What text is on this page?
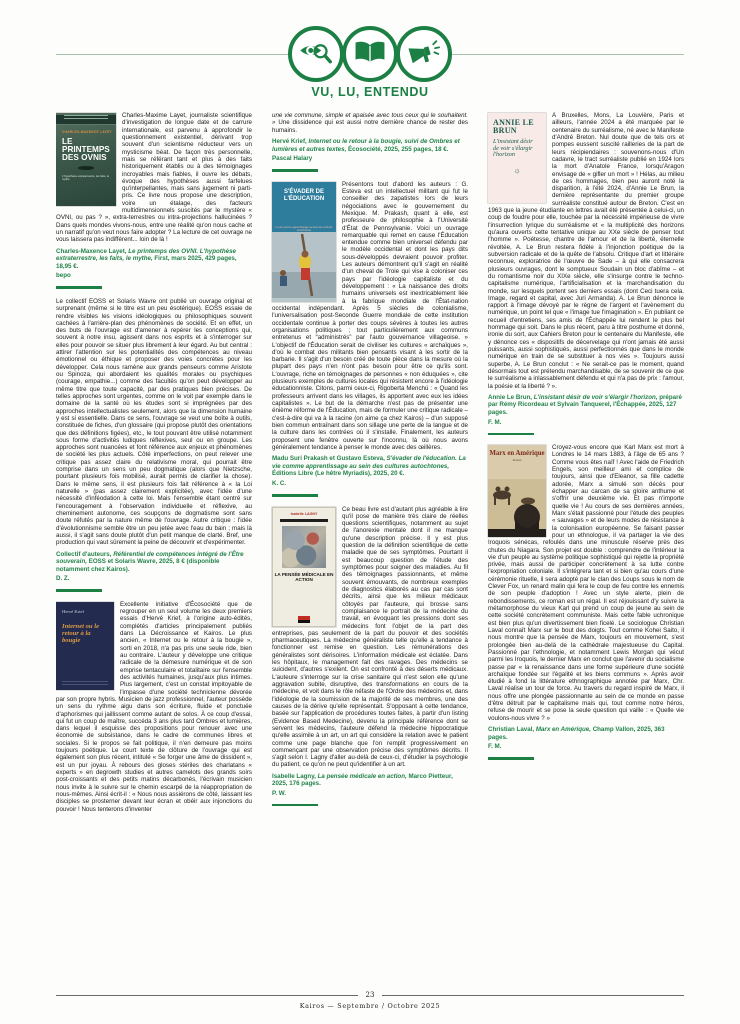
VU, LU, ENTENDU
CHARLES-MAXENCE LAYET
LE PRINTEMPS DES OVNIS
L'hypothèse extraterrestre, les faits, le mythe

Charles-Maxime Layet, journaliste scientifique d'investigation de longue date et de carrure internationale, est parvenu à approfondir le questionnement existentiel, dérivant trop souvent d'un scientisme réducteur vers un mysticisme béat. De façon très personnelle, mais se référant tant et plus à des faits historiquement établis ou à des témoignages incroyables mais fiables, il ouvre les débats, évoque des hypothèses aussi farfelues qu'interpellantes, mais sans jugement ni parti-pris. Ce livre nous propose une description, voire un étalage, des facteurs multidimensionnels suscités par le mystère « OVNI, ou pas ? », extra-terrestres ou intra-projections hallucinées ? Dans quels mondes vivons-nous, entre une réalité qu'on nous cache et un narratif qu'on veut nous faire adopter ? La lecture de cet ouvrage ne vous laissera pas indifférent... loin de là !

Charles-Maxence Layet, Le printemps des OVNI. L'hypothèse extraterrestre, les faits, le mythe, First, mars 2025, 429 pages, 18,95 €.

bepo

Le collectif EOSS et Solaris Wavre ont publié un ouvrage original et surprenant (même si le titre est un peu ésotérique). EOSS essaie de rendre visibles les visions idéologiques ou philosophiques souvent cachées à l'arrière-plan des phénomènes de société. Et en effet, un des buts de l'ouvrage est d'amener à repérer les conceptions qui, souvent à notre insu, agissent dans nos esprits et à s'interroger sur elles pour pouvoir se situer plus librement à leur égard. Au but central : attirer l'attention sur les potentialités des compétences au niveau émotionnel ou éthique et proposer des voies concrètes pour les développer. Cela nous ramène aux grands penseurs comme Aristote ou Spinoza, qui abordaient les qualités morales ou psychiques (courage, empathie...) comme des facultés qu'on peut développer au même titre que toute capacité, par des pratiques bien précises. De telles approches sont urgentes, comme on le voit par exemple dans le domaine de la santé où les études sont si imprégnées par des approches intellectualistes seulement, alors que la dimension humaine y est si essentielle. Dans ce sens, l'ouvrage se veut une boîte à outils, constituée de fiches, d'un glossaire (qui propose plutôt des orientations que des définitions figées), etc., le tout pouvant être utilisé notamment sous forme d'activités ludiques réflexives, seul ou en groupe. Les approches sont nuancées et font référence aux enjeux et phénomènes de société les plus actuels. Côté imperfections, on peut relever une critique pas assez claire du relativisme moral, qui pourrait être comprise dans un sens un peu dogmatique (alors que Nietzsche, pourtant plusieurs fois mobilisé, aurait permis de clarifier la chose). Dans le même sens, il est plusieurs fois fait référence à « la Loi naturelle » (pas assez clairement explicitée), avec l'idée d'une nécessité d'inféodation à cette loi. Mais l'ensemble étant centré sur l'encouragement à l'observation individuelle et réflexive, au cheminement autonome, ces soupçons de dogmatisme sont sans doute réfutés par la nature même de l'ouvrage. Autre critique : l'idée d'évolutionnisme semble être un peu jetée avec l'eau du bain ; mais là aussi, il s'agit sans doute plutôt d'un petit manque de clarté. Bref, une production qui vaut sûrement la peine de découvrir et d'expérimenter.

Collectif d'auteurs, Référentiel de compétences intégré de l'Être souverain, EOSS et Solaris Wavre, 2025, 8 € (disponible notamment chez Kairos).

D. Z.

Hervé Krief
Internet ou le retour à la bougie

Excellente initiative d'Écosociété que de regrouper en un seul volume les deux premiers essais d'Hervé Krief, à l'origine auto-édités, complétés d'articles principalement publiés dans La Décroissance et Kairos. Le plus ancien, « Internet ou le retour à la bougie », sorti en 2018, n'a pas pris une seule ride, bien au contraire. L'auteur y développe une critique radicale de la démesure numérique et de son emprise tentaculaire et totalitaire sur l'ensemble des activités humaines, jusqu'aux plus intimes. Plus largement, c'est un constat impitoyable de l'impasse d'une société technicienne dévorée par son propre hybris. Musicien de jazz professionnel, l'auteur possède un sens du rythme aigu dans son écriture, fluide et ponctuée d'aphorismes qui jaillissent comme autant de solos. À ce coup d'essai, qui fut un coup de maître, succéda 3 ans plus tard Ombres et lumières, dans lequel il esquisse des propositions pour renouer avec une économie de subsistance, dans le cadre de communes libres et sociales. Si le propos se fait politique, il n'en demeure pas moins toujours poétique. Le court texte de clôture de l'ouvrage qui est également son plus récent, intitulé « Se forger une âme de dissident », est un pur joyau. À rebours des gloses stériles des charlatans « experts » en degrowth studies et autres camelots des grands soirs post-croissants et des petits matins décarbonés, l'écrivain musicien nous invite à le suivre sur le chemin escarpé de la réappropriation de nous-mêmes. Ainsi écrit-il : « Nous nous assiérons de côté, laissant les disciples se prosterner devant leur écran et obéir aux injonctions du pouvoir ! Nous tenterons d'inventer

une vie commune, simple et apaisée avec tous ceux qui le souhaitent. » Une dissidence qui est aussi notre dernière chance de rester des humains.

Hervé Krief, Internet ou le retour à la bougie, suivi de Ombres et lumières et autres textes, Écosociété, 2025, 255 pages, 18 €.

Pascal Halary

S'ÉVADER DE L'ÉDUCATION
La vie comme apprentissage au sein des cultures autochtones

Présentons tout d'abord les auteurs : G. Esteva est un intellectuel militant qui fut le conseiller des zapatistes lors de leurs négociations avec le gouvernement du Mexique. M. Prakash, quant à elle, est professeure de philosophie à l'Université d'État de Pennsylvanie. Voici un ouvrage remarquable qui remet en cause l'Éducation entendue comme bien universel défendu par le modèle occidental et dont les pays dits sous-développés devraient pouvoir profiter. Les auteurs démontrent qu'il s'agit en réalité d'un cheval de Troie qui vise à coloniser ces pays par l'idéologie capitaliste et du développement : « La naissance des droits humains universels est inextricablement liée à la fabrique mondiale de l'État-nation occidental indépendant. Après 5 siècles de colonialisme, l'universalisation post-Seconde Guerre mondiale de cette institution occidentale continue à porter des coups sévères à toutes les autres organisations politiques ; tout particulièrement aux communs entretenus et “administrés” par l'auto gouvernance villageoise. » L'objectif de l'Éducation serait de civiliser les cultures « archaïques », d'où le combat des militants bien pensants visant à les sortir de la barbarie. Il s'agit d'un besoin créé de toute pièce dans la mesure où la plupart des pays n'en n'ont pas besoin pour être ce qu'ils sont. L'ouvrage, riche en témoignages de personnes « non éduquées », cite plusieurs exemples de cultures locales qui résistent encore à l'idéologie éducationniste. Citons, parmi ceux-ci, Rigoberta Menchú : « Quand les professeurs arrivent dans les villages, ils apportent avec eux les idées capitalistes ». Le but de la démarche n'est pas de présenter une énième réforme de l'Éducation, mais de formuler une critique radicale – c'est-à-dire qui va à la racine (on aime ça chez Kairos) – d'un supposé bien commun entraînant dans son sillage une perte de la langue et de la culture dans les contrées où il s'installe. Finalement, les auteurs proposent une fenêtre ouverte sur l'inconnu, là où nous avons généralement tendance à penser le monde avec des œillères.

Madu Suri Prakash et Gustavo Esteva, S'évader de l'éducation. La vie comme apprentissage au sein des cultures autochtones, Éditions Libre (Le hêtre Myriadis), 2025, 20 €.

K. C.

Isabelle LAGNY
LA PENSÉE MÉDICALE EN ACTION

Ce beau livre est d'autant plus agréable à lire qu'il pose de manière très claire de réelles questions scientifiques, notamment au sujet de l'anorexie mentale dont il ne manque qu'une description précise. Il y est plus question de la définition scientifique de cette maladie que de ses symptômes. Pourtant il est beaucoup question de l'étude des symptômes pour soigner des maladies. Au fil des témoignages passionnants, et même souvent émouvants, de nombreux exemples de diagnostics élaborés au cas par cas sont décrits, ainsi que les milieux médicaux côtoyés par l'auteure, qui brosse sans complaisance le portrait de la médecine du travail, en évoquant les pressions dont ses médecins font l'objet de la part des entreprises, pas seulement de la part du pouvoir et des sociétés pharmaceutiques. La médecine généraliste telle qu'elle a tendance à fonctionner est remise en question. Les rémunérations des généralistes sont dérisoires. L'information médicale est éclatée. Dans les hôpitaux, le management fait des ravages. Des médecins se suicident, d'autres s'exilent. On est confronté à des déserts médicaux. L'auteure s'interroge sur la crise sanitaire qui n'est selon elle qu'une aggravation subite, disruptive, des transformations en cours de la médecine, et voit dans le rôle néfaste de l'Ordre des médecins et, dans l'idéologie de la soumission de la majorité de ses membres, une des causes de la dérive qu'elle représentait. S'opposant à cette tendance, basée sur l'application de procédures toutes faites, à partir d'un listing (Evidence Based Medecine), devenu la principale référence dont se servent les médecins, l'auteure défend la médecine hippocratique qu'elle assimile à un art, un art qui considère la relation avec le patient comme une page blanche que l'on remplit progressivement en commençant par une observation précise des symptômes décrits. Il s'agit selon I. Lagny d'aller au-delà de ceux-ci, d'étudier la psychologie du patient, ce qu'on ne peut qu'identifier à un art.

Isabelle Lagny, La pensée médicale en action, Marco Pietteur, 2025, 176 pages.

P. W.

ANNIE LE BRUN
L'insistant désir de voir s'élargir l'horizon
☼

À Bruxelles, Mons, La Louvière, Paris et ailleurs, l'année 2024 a été marquée par le centenaire du surréalisme, né avec le Manifeste d'André Breton. Nul doute que de tels ors et pompes eussent suscité railleries de la part de leurs récipiendaires : souvenons-nous d'Un cadavre, le tract surréaliste publié en 1924 lors la mort d'Anatole France, lorsqu'Aragon envisage de « gifler un mort » ! Hélas, au milieu de ces hommages, bien peu auront noté la disparition, à l'été 2024, d'Annie Le Brun, la dernière représentante du premier groupe surréaliste constitué autour de Breton. C'est en 1963 que la jeune étudiante en lettres avait été présentée à celui-ci, un coup de foudre pour elle, touchée par la nécessité impérieuse de vivre l'insurrection lyrique du surréalisme et « la multiplicité des horizons qu'aura ouverts cette tentative unique au XXe siècle de penser tout l'homme ». Poétesse, chantre de l'amour et de la liberté, éternelle révoltée, A. Le Brun restera fidèle à l'injonction poétique de la subversion radicale et de la quête de l'absolu. Critique d'art et littéraire reconnue, exploratrice de l'œuvre de Sade – à qui elle consacrera plusieurs ouvrages, dont le somptueux Soudain un bloc d'abîme – et du romantisme noir du XIXe siècle, elle s'insurge contre le techno-capitalisme numérique, l'artificialisation et la marchandisation du monde, sur lesquels portent ses derniers essais (dont Ceci tuera cela. Image, regard et capital, avec Juri Armanda). A. Le Brun dénonce le rapport à l'image dévoyé par le règne de l'argent et l'avènement du numérique, un point tel que « l'image tue l'imagination ». En publiant ce recueil d'entretiens, ses amis de l'Échappée lui rendent le plus bel hommage qui soit. Dans le plus récent, paru à titre posthume et donné, ironie du sort, aux Cahiers Breton pour le centenaire du Manifeste, elle y dénonce ces « dispositifs de décervelage qui n'ont jamais été aussi puissants, aussi sophistiqués, aussi perfectionnés que dans le monde numérique en train de se substituer à nos vies ». Toujours aussi superbe, A. Le Brun conclut : « Ne serait-ce pas le moment, quand désormais tout est prétendu marchandisable, de se souvenir de ce que le surréalisme a inlassablement défendu et qui n'a pas de prix : l'amour, la poésie et la liberté ? ».

Annie Le Brun, L'insistant désir de voir s'élargir l'horizon, préparé par Rémy Ricordeau et Sylvain Tanquerel, l'Échappée, 2025, 127 pages.

F. M.

Marx en Amérique
Roman

Croyez-vous encore que Karl Marx est mort à Londres le 14 mars 1883, à l'âge de 65 ans ? Comme vous êtes naïf ! Avec l'aide de Friedrich Engels, son meilleur ami et complice de toujours, ainsi que d'Eleanor, sa fille cadette adorée, Marx a simulé son décès pour échapper au carcan de sa gloire anthume et s'offrir une deuxième vie. Et pas n'importe quelle vie ! Au cours de ses dernières années, Marx s'était passionné pour l'étude des peuples « sauvages » et de leurs modes de résistance à la colonisation européenne. Se faisant passer pour un ethnologue, il va partager la vie des Iroquois sénécas, refoulés dans une minuscule réserve près des chutes du Niagara. Son projet est double : comprendre de l'intérieur la vie d'un peuple au système politique sophistiqué qui rejette la propriété privée, mais aussi de participer concrètement à sa lutte contre l'expropriation coloniale. Il s'intégrera tant et si bien qu'au cours d'une cérémonie rituelle, il sera adopté par le clan des Loups sous le nom de Clever Fox, un renard malin qui fera le coup de feu contre les ennemis de son peuple d'adoption ! Avec un style alerte, plein de rebondissements, ce roman est un régal. Il est réjouissant d'y suivre la métamorphose du vieux Karl qui prend un coup de jeune au sein de cette société concrètement communiste. Mais cette fable uchronique est bien plus qu'un divertissement bien ficelé. Le sociologue Christian Laval connaît Marx sur le bout des doigts. Tout comme Kohei Saito, il nous montre que la pensée de Marx, toujours en mouvement, s'est prolongée bien au-delà de la cathédrale majestueuse du Capital. Passionné par l'ethnologie, et notamment Lewis Morgan qui vécut parmi les Iroquois, le dernier Marx en conclut que l'avenir du socialisme passe par « la renaissance dans une forme supérieure d'une société archaïque fondée sur l'égalité et les biens communs ». Après avoir étudié à fond la littérature ethnographique annotée par Marx, Chr. Laval réalise un tour de force. Au travers du regard inspiré de Marx, il nous offre une plongée passionnante au sein de ce monde en passe d'être détruit par le capitalisme mais qui, tout comme notre héros, refuse de mourir et se pose la seule question qui vaille : « Quelle vie voulons-nous vivre ? »

Christian Laval, Marx en Amérique, Champ Vallon, 2025, 363 pages.

F. M.

23
Kairos — Septembre / Octobre 2025
